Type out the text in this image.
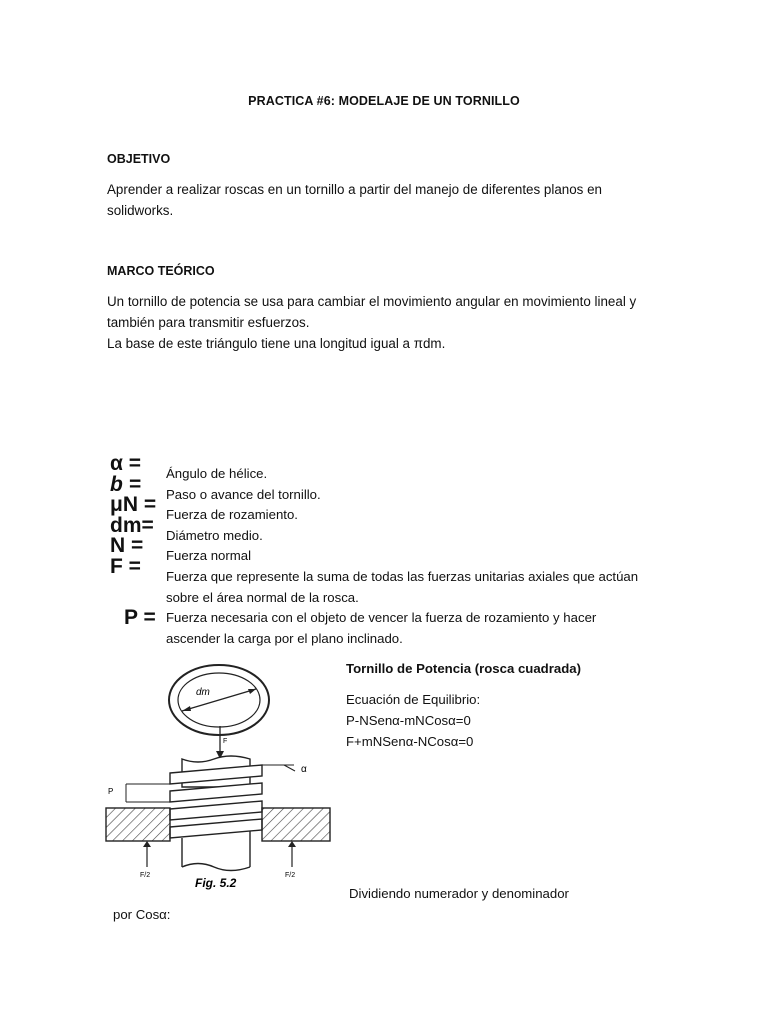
PRACTICA #6: MODELAJE DE UN TORNILLO
OBJETIVO
Aprender a realizar roscas en un tornillo a partir del manejo de diferentes planos en
solidworks.
MARCO TEÓRICO
Un tornillo de potencia se usa para cambiar el movimiento angular en movimiento lineal y
también para transmitir esfuerzos.
La base de este triángulo tiene una longitud igual a πdm.
α =
b =
μN =
dm=
N =
F =
P =
Ángulo de hélice.
Paso o avance del tornillo.
Fuerza de rozamiento.
Diámetro medio.
Fuerza normal
Fuerza que represente la suma de todas las fuerzas unitarias axiales que actúan
sobre el área normal de la rosca.
Fuerza necesaria con el objeto de vencer la fuerza de rozamiento y hacer
ascender la carga por el plano inclinado.
dm
F
α
P
F/2	F/2
Fig. 5.2
Tornillo de Potencia (rosca cuadrada)
Ecuación de Equilibrio:
P-NSenα-mNCosα=0
F+mNSenα-NCosα=0
Dividiendo numerador y denominador
por Cosα:
